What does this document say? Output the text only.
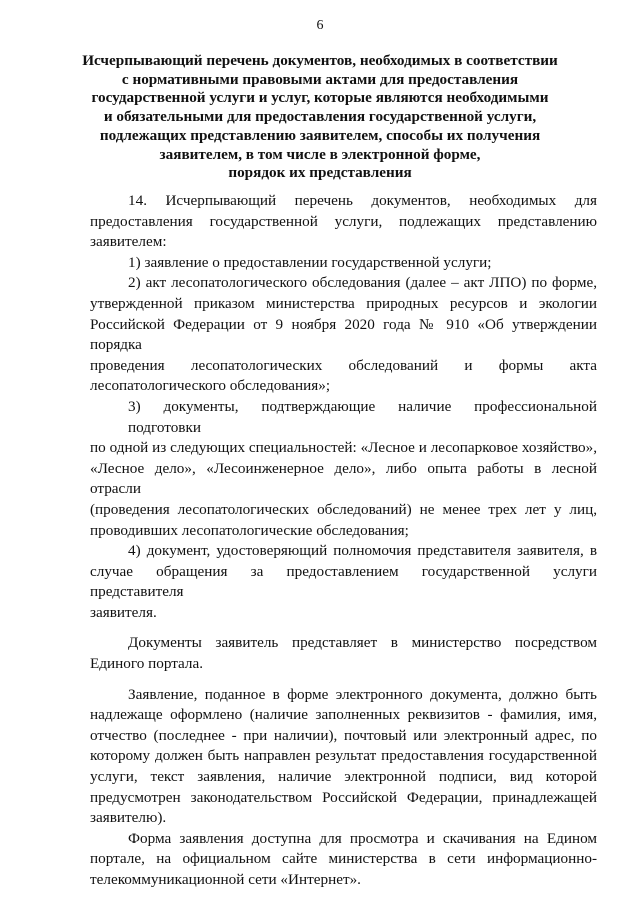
6
Исчерпывающий перечень документов, необходимых в соответствии
с нормативными правовыми актами для предоставления
государственной услуги и услуг, которые являются необходимыми
и обязательными для предоставления государственной услуги,
подлежащих представлению заявителем, способы их получения
заявителем, в том числе в электронной форме,
порядок их представления
14. Исчерпывающий перечень документов, необходимых для
предоставления государственной услуги, подлежащих представлению
заявителем:
1) заявление о предоставлении государственной услуги;
2) акт лесопатологического обследования (далее – акт ЛПО) по форме,
утвержденной приказом министерства природных ресурсов и экологии
Российской Федерации от 9 ноября 2020 года № 910 «Об утверждении порядка
проведения лесопатологических обследований и формы акта
лесопатологического обследования»;
3) документы, подтверждающие наличие профессиональной подготовки
по одной из следующих специальностей: «Лесное и лесопарковое хозяйство»,
«Лесное дело», «Лесоинженерное дело», либо опыта работы в лесной отрасли
(проведения лесопатологических обследований) не менее трех лет у лиц,
проводивших лесопатологические обследования;
4) документ, удостоверяющий полномочия представителя заявителя, в
случае обращения за предоставлением государственной услуги представителя
заявителя.
Документы заявитель представляет в министерство посредством
Единого портала.
Заявление, поданное в форме электронного документа, должно быть
надлежаще оформлено (наличие заполненных реквизитов - фамилия, имя,
отчество (последнее - при наличии), почтовый или электронный адрес, по
которому должен быть направлен результат предоставления государственной
услуги, текст заявления, наличие электронной подписи, вид которой
предусмотрен законодательством Российской Федерации, принадлежащей
заявителю).
Форма заявления доступна для просмотра и скачивания на Едином
портале, на официальном сайте министерства в сети информационно-
телекоммуникационной сети «Интернет».
